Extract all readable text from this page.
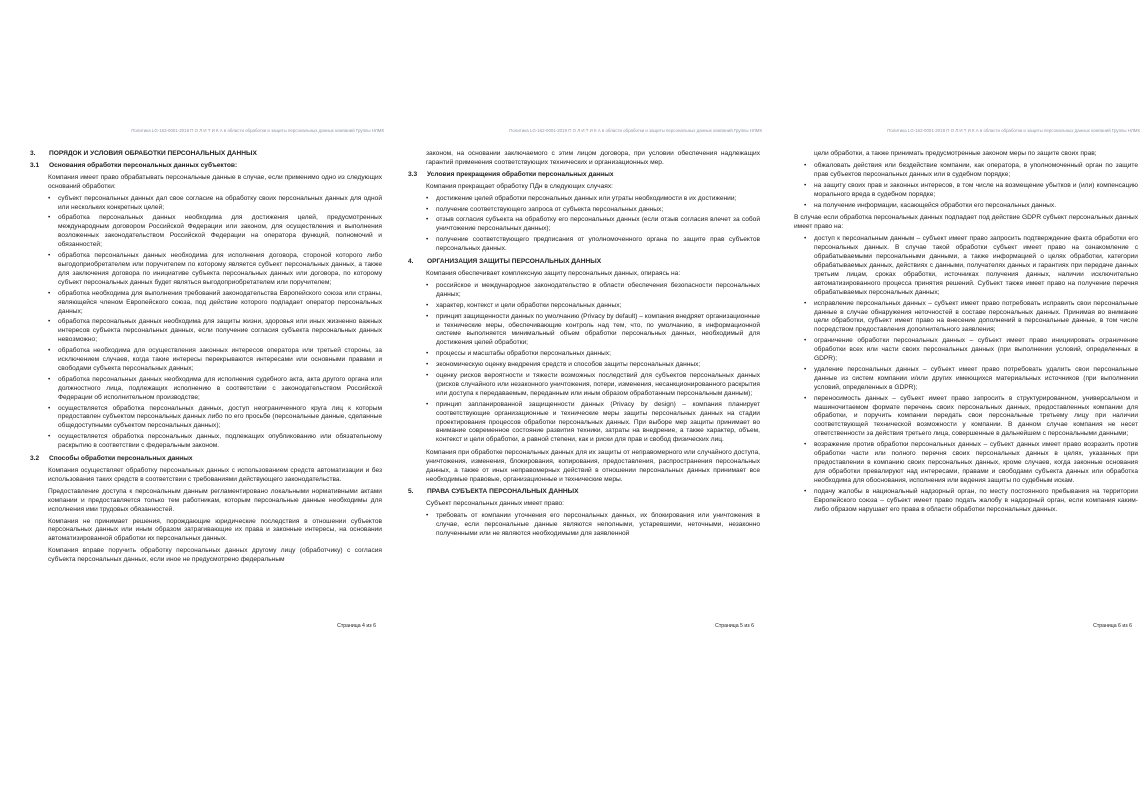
Политика LG-162-0001-2019 П О Л И Т И К А в области обработки и защиты персональных данных компаний Группы НЛМК
3. ПОРЯДОК И УСЛОВИЯ ОБРАБОТКИ ПЕРСОНАЛЬНЫХ ДАННЫХ
3.1 Основания обработки персональных данных субъектов:
Компания имеет право обрабатывать персональные данные в случае, если применимо одно из следующих оснований обработки:
• субъект персональных данных дал свое согласие на обработку своих персональных данных для одной или нескольких конкретных целей;
• обработка персональных данных необходима для достижения целей, предусмотренных международным договором Российской Федерации или законом, для осуществления и выполнения возложенных законодательством Российской Федерации на оператора функций, полномочий и обязанностей;
• обработка персональных данных необходима для исполнения договора, стороной которого либо выгодоприобретателем или поручителем по которому является субъект персональных данных, а также для заключения договора по инициативе субъекта персональных данных или договора, по которому субъект персональных данных будет являться выгодоприобретателем или поручителем;
• обработка необходима для выполнения требований законодательства Европейского союза или страны, являющейся членом Европейского союза, под действие которого подпадает оператор персональных данных;
• обработка персональных данных необходима для защиты жизни, здоровья или иных жизненно важных интересов субъекта персональных данных, если получение согласия субъекта персональных данных невозможно;
• обработка необходима для осуществления законных интересов оператора или третьей стороны, за исключением случаев, когда такие интересы перекрываются интересами или основными правами и свободами субъекта персональных данных;
• обработка персональных данных необходима для исполнения судебного акта, акта другого органа или должностного лица, подлежащих исполнению в соответствии с законодательством Российской Федерации об исполнительном производстве;
• осуществляется обработка персональных данных, доступ неограниченного круга лиц к которым предоставлен субъектом персональных данных либо по его просьбе (персональные данные, сделанные общедоступными субъектом персональных данных);
• осуществляется обработка персональных данных, подлежащих опубликованию или обязательному раскрытию в соответствии с федеральным законом.
3.2 Способы обработки персональных данных
Компания осуществляет обработку персональных данных с использованием средств автоматизации и без использования таких средств в соответствии с требованиями действующего законодательства.
Предоставление доступа к персональным данным регламентировано локальными нормативными актами компании и предоставляется только тем работникам, которым персональные данные необходимы для исполнения ими трудовых обязанностей.
Компания не принимает решения, порождающие юридические последствия в отношении субъектов персональных данных или иным образом затрагивающие их права и законные интересы, на основании автоматизированной обработки их персональных данных.
Компания вправе поручить обработку персональных данных другому лицу (обработчику) с согласия субъекта персональных данных, если иное не предусмотрено федеральным
Страница 4 из 6
Политика LG-162-0001-2019 П О Л И Т И К А в области обработки и защиты персональных данных компаний Группы НЛМК
законом, на основании заключаемого с этим лицом договора, при условии обеспечения надлежащих гарантий применения соответствующих технических и организационных мер.
3.3 Условия прекращения обработки персональных данных
Компания прекращает обработку ПДн в следующих случаях:
• достижение целей обработки персональных данных или утраты необходимости в их достижении;
• получение соответствующего запроса от субъекта персональных данных;
• отзыв согласия субъекта на обработку его персональных данных (если отзыв согласия влечет за собой уничтожение персональных данных);
• получение соответствующего предписания от уполномоченного органа по защите прав субъектов персональных данных.
4. ОРГАНИЗАЦИЯ ЗАЩИТЫ ПЕРСОНАЛЬНЫХ ДАННЫХ
Компания обеспечивает комплексную защиту персональных данных, опираясь на:
• российское и международное законодательство в области обеспечения безопасности персональных данных;
• характер, контекст и цели обработки персональных данных;
• принцип защищенности данных по умолчанию (Privacy by default) – компания внедряет организационные и технические меры, обеспечивающие контроль над тем, что, по умолчанию, в информационной системе выполняется минимальный объем обработки персональных данных, необходимый для достижения целей обработки;
• процессы и масштабы обработки персональных данных;
• экономическую оценку внедрения средств и способов защиты персональных данных;
• оценку рисков вероятности и тяжести возможных последствий для субъектов персональных данных (рисков случайного или незаконного уничтожения, потери, изменения, несанкционированного раскрытия или доступа к передаваемым, переданным или иным образом обработанным персональным данным);
• принцип запланированной защищенности данных (Privacy by design) – компания планирует соответствующие организационные и технические меры защиты персональных данных на стадии проектирования процессов обработки персональных данных. При выборе мер защиты принимает во внимание современное состояние развития техники, затраты на внедрение, а также характер, объем, контекст и цели обработки, а равной степени, как и риски для прав и свобод физических лиц.
Компания при обработке персональных данных для их защиты от неправомерного или случайного доступа, уничтожения, изменения, блокирования, копирования, предоставления, распространения персональных данных, а также от иных неправомерных действий в отношении персональных данных принимает все необходимые правовые, организационные и технические меры.
5. ПРАВА СУБЪЕКТА ПЕРСОНАЛЬНЫХ ДАННЫХ
Субъект персональных данных имеет право:
• требовать от компании уточнения его персональных данных, их блокирования или уничтожения в случае, если персональные данные являются неполными, устаревшими, неточными, незаконно полученными или не являются необходимыми для заявленной
Страница 5 из 6
Политика LG-162-0001-2019 П О Л И Т И К А в области обработки и защиты персональных данных компаний Группы НЛМК
цели обработки, а также принимать предусмотренные законом меры по защите своих прав;
• обжаловать действия или бездействие компании, как оператора, в уполномоченный орган по защите прав субъектов персональных данных или в судебном порядке;
• на защиту своих прав и законных интересов, в том числе на возмещение убытков и (или) компенсацию морального вреда в судебном порядке;
• на получение информации, касающейся обработки его персональных данных.
В случае если обработка персональных данных подпадает под действие GDPR субъект персональных данных имеет право на:
• доступ к персональным данным – субъект имеет право запросить подтверждение факта обработки его персональных данных. В случае такой обработки субъект имеет право на ознакомление с обрабатываемыми персональными данными, а также информацией о целях обработки, категории обрабатываемых данных, действиях с данными, получателях данных и гарантиях при передаче данных третьим лицам, сроках обработки, источниках получения данных, наличии исключительно автоматизированного процесса принятия решений. Субъект также имеет право на получение перечня обрабатываемых персональных данных;
• исправление персональных данных – субъект имеет право потребовать исправить свои персональные данные в случае обнаружения неточностей в составе персональных данных. Принимая во внимание цели обработки, субъект имеет право на внесение дополнений в персональные данные, в том числе посредством предоставления дополнительного заявления;
• ограничение обработки персональных данных – субъект имеет право инициировать ограничение обработки всех или части своих персональных данных (при выполнении условий, определенных в GDPR);
• удаление персональных данных – субъект имеет право потребовать удалить свои персональные данные из систем компании и/или других имеющихся материальных источников (при выполнении условий, определенных в GDPR);
• переносимость данных – субъект имеет право запросить в структурированном, универсальном и машиночитаемом формате перечень своих персональных данных, предоставленных компании для обработки, и поручить компании передать свои персональные третьему лицу при наличии соответствующей технической возможности у компании. В данном случае компания не несет ответственности за действия третьего лица, совершенные в дальнейшем с персональными данными;
• возражение против обработки персональных данных – субъект данных имеет право возразить против обработки части или полного перечня своих персональных данных в целях, указанных при предоставлении в компанию своих персональных данных, кроме случаев, когда законные основания для обработки превалируют над интересами, правами и свободами субъекта данных или обработка необходима для обоснования, исполнения или ведения защиты по судебным искам.
• подачу жалобы в национальный надзорный орган, по месту постоянного пребывания на территории Европейского союза – субъект имеет право подать жалобу в надзорный орган, если компания каким-либо образом нарушает его права в области обработки персональных данных.
Страница 6 из 6
